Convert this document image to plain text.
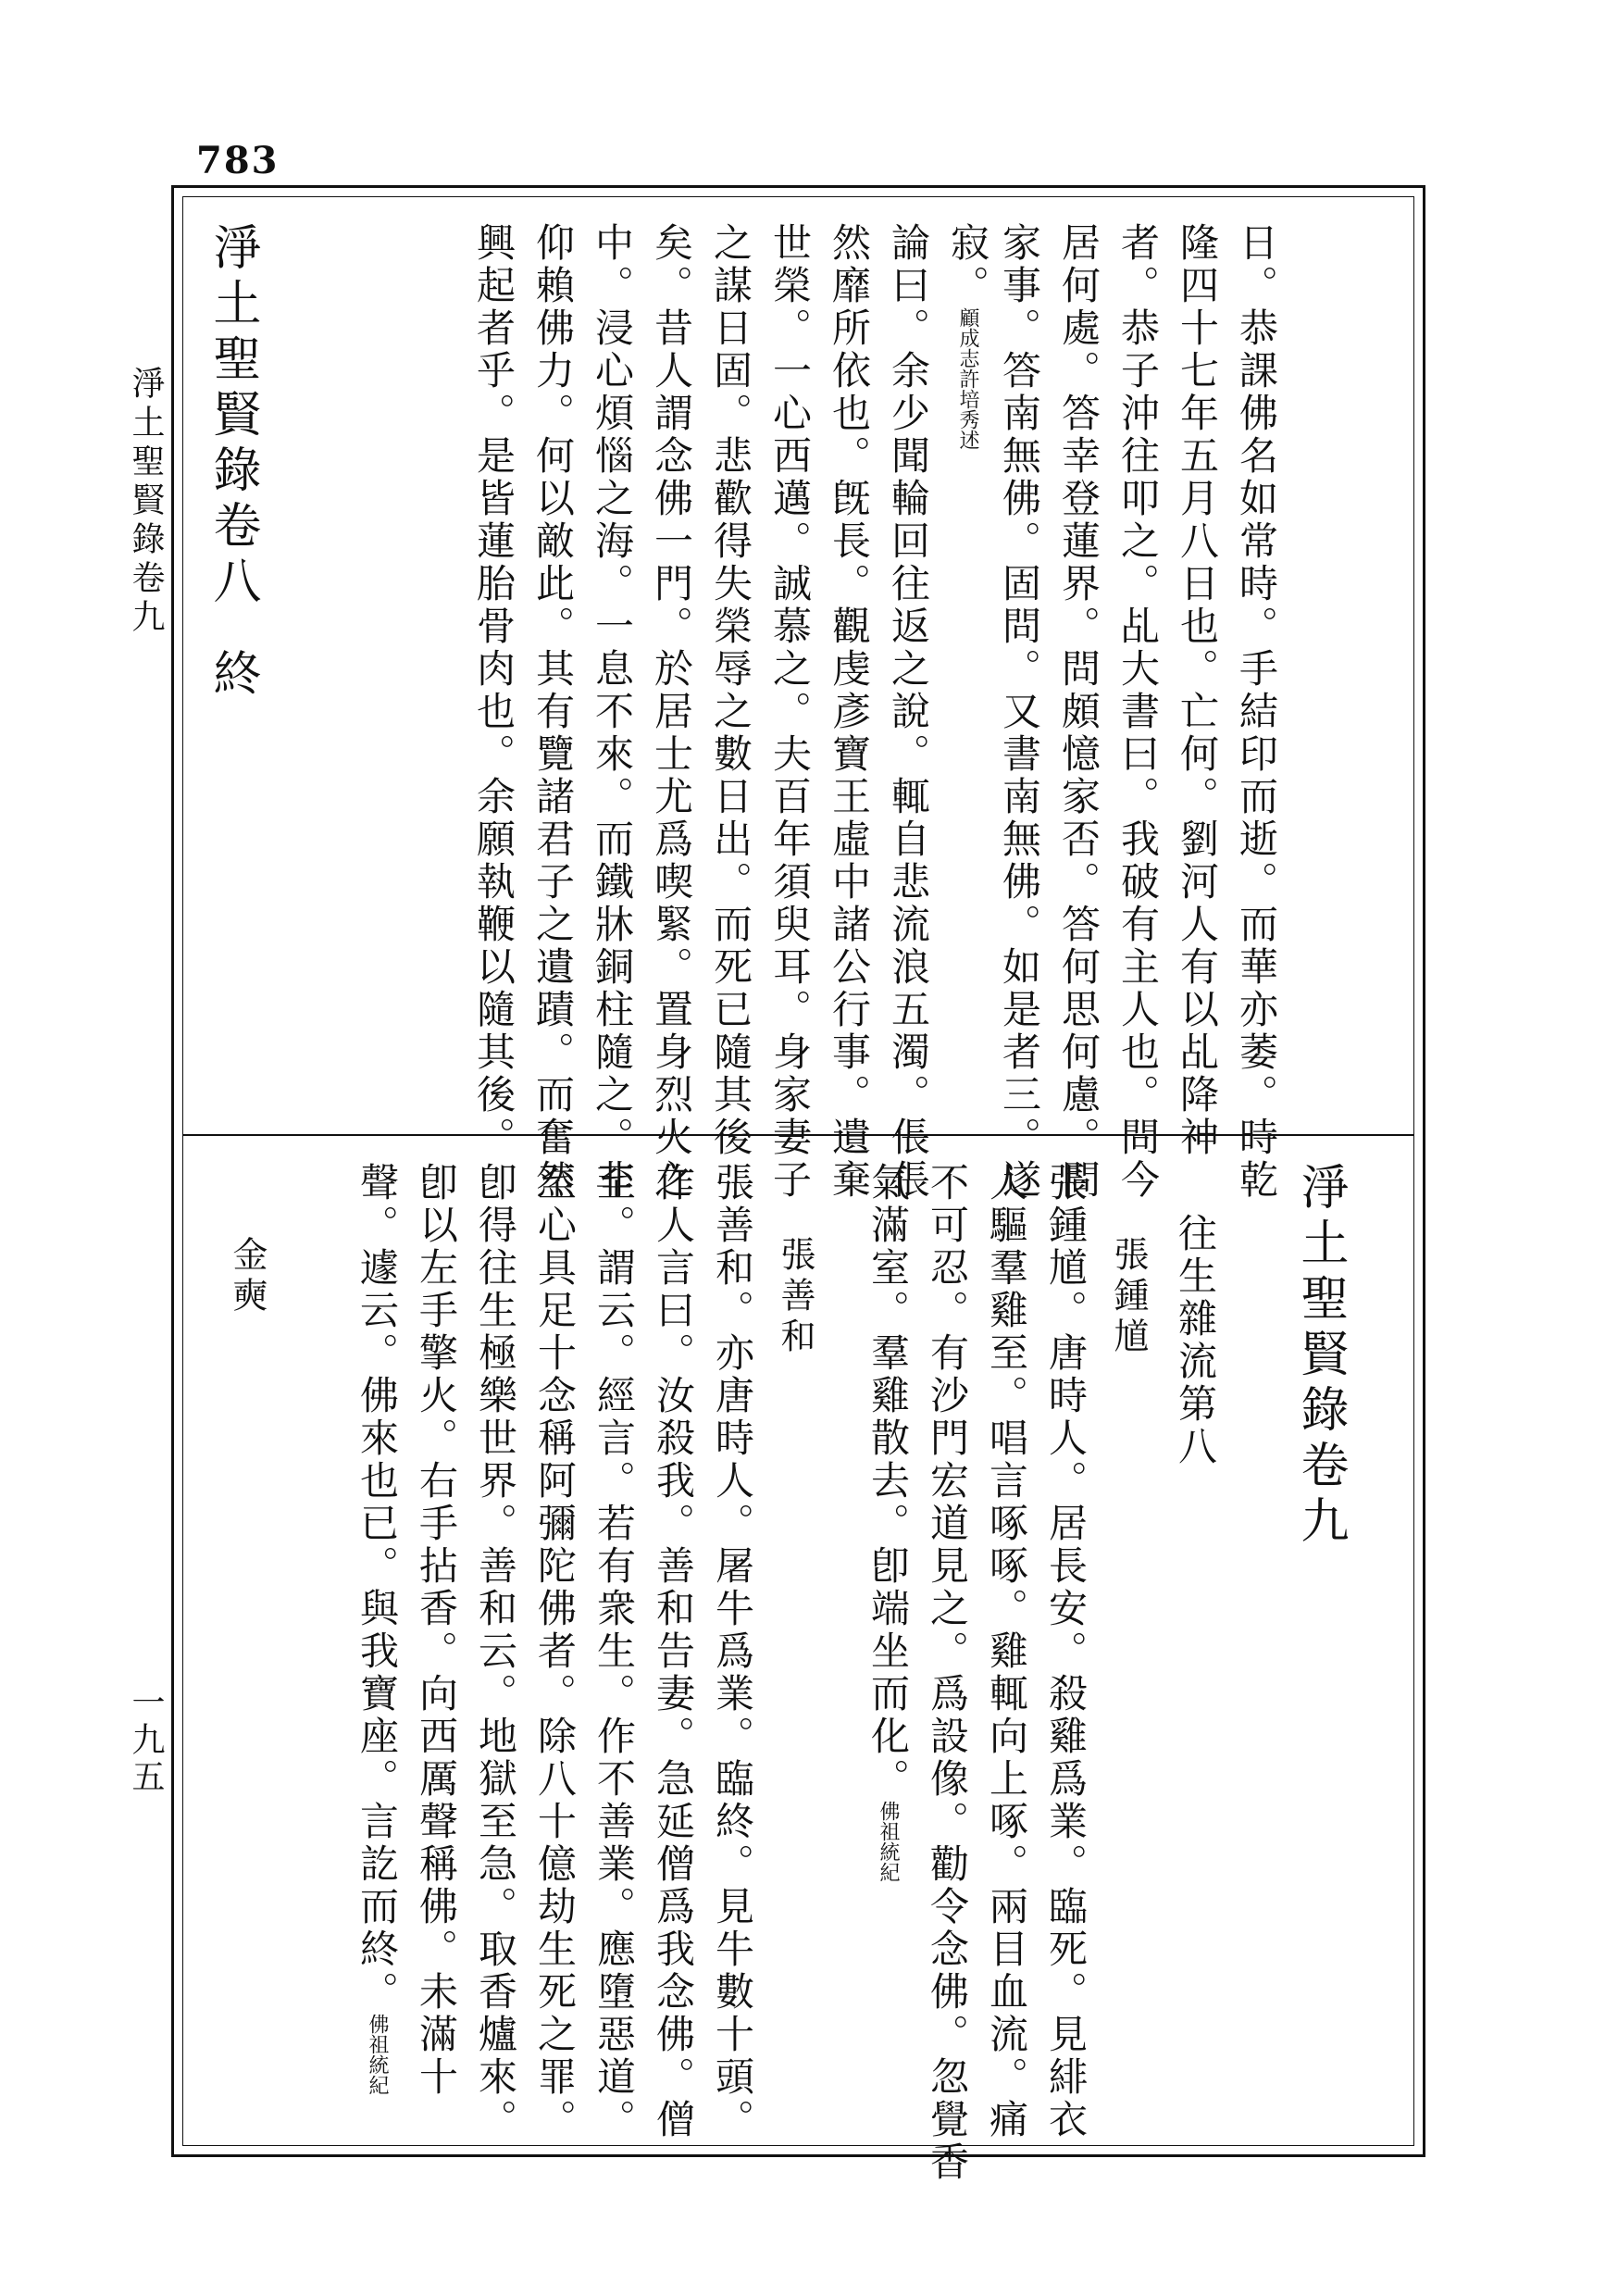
783
淨土聖賢錄卷九
一九五
日。恭課佛名如常時。手結印而逝。而華亦萎。時乾
隆四十七年五月八日也。亡何。劉河人有以乩降神
者。恭子沖往叩之。乩大書曰。我破有主人也。問今
居何處。答幸登蓮界。問頗憶家否。答何思何慮。問
家事。答南無佛。固問。又書南無佛。如是者三。遂
寂。顧成志許培秀述
論曰。余少聞輪回往返之說。輒自悲流浪五濁。倀倀
然靡所依也。旣長。觀虔彥寶王虛中諸公行事。遺棄
世榮。一心西邁。誠慕之。夫百年須臾耳。身家妻子
之謀日固。悲歡得失榮辱之數日出。而死已隨其後
矣。昔人謂念佛一門。於居士尤爲喫緊。置身烈火之
中。浸心煩惱之海。一息不來。而鐵牀銅柱隨之。非
仰賴佛力。何以敵此。其有覽諸君子之遺蹟。而奮然
興起者乎。是皆蓮胎骨肉也。余願執鞭以隨其後。
淨土聖賢錄卷八終
淨土聖賢錄卷九
往生雜流第八
張鍾馗
張鍾馗。唐時人。居長安。殺雞爲業。臨死。見緋衣
人驅羣雞至。唱言啄啄。雞輒向上啄。兩目血流。痛
不可忍。有沙門宏道見之。爲設像。勸令念佛。忽覺香
氣滿室。羣雞散去。卽端坐而化。佛祖統紀
張善和
張善和。亦唐時人。屠牛爲業。臨終。見牛數十頭。
作人言曰。汝殺我。善和告妻。急延僧爲我念佛。僧
至。謂云。經言。若有衆生。作不善業。應墮惡道。
至心具足十念稱阿彌陀佛者。除八十億劫生死之罪。
卽得往生極樂世界。善和云。地獄至急。取香爐來。
卽以左手擎火。右手拈香。向西厲聲稱佛。未滿十
聲。遽云。佛來也已。與我寶座。言訖而終。佛祖統紀
金奭
